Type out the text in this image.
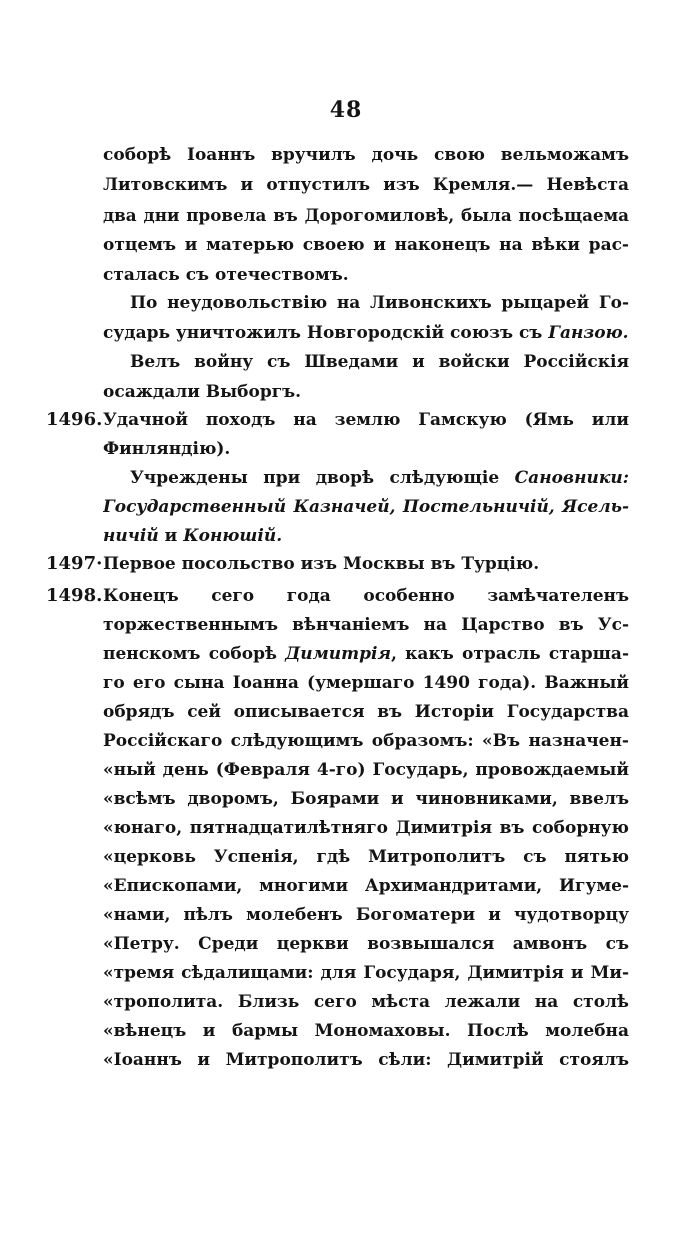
48
соборѣ Іоаннъ вручилъ дочь свою вельможамъ
Литовскимъ и отпустилъ изъ Кремля.— Невѣста
два дни провела въ Дорогомиловѣ, была посѣщаема
отцемъ и матерью своею и наконецъ на вѣки рас-
сталась съ отечествомъ.
По неудовольствію на Ливонскихъ рыцарей Го-
сударь уничтожилъ Новгородскій союзъ съ Ганзою.
Велъ войну съ Шведами и войски Россійскія
осаждали Выборгъ.
1496. Удачной походъ на землю Гамскую (Ямь или
Финляндію).
Учреждены при дворѣ слѣдующіе Сановники:
Государственный Казначей, Постельничій, Ясель-
ничій и Конюшій.
1497· Первое посольство изъ Москвы въ Турцію.
1498. Конецъ сего года особенно замѣчателенъ
торжественнымъ вѣнчаніемъ на Царство въ Ус-
пенскомъ соборѣ Димитрія, какъ отрасль старша-
го его сына Іоанна (умершаго 1490 года). Важный
обрядъ сей описывается въ Исторіи Государства
Россійскаго слѣдующимъ образомъ: «Въ назначен-
«ный день (Февраля 4-го) Государь, провождаемый
«всѣмъ дворомъ, Боярами и чиновниками, ввелъ
«юнаго, пятнадцатилѣтняго Димитрія въ соборную
«церковь Успенія, гдѣ Митрополитъ съ пятью
«Епископами, многими Архимандритами, Игуме-
«нами, пѣлъ молебенъ Богоматери и чудотворцу
«Петру. Среди церкви возвышался амвонъ съ
«тремя сѣдалищами: для Государя, Димитрія и Ми-
«трополита. Близь сего мѣста лежали на столѣ
«вѣнецъ и бармы Мономаховы. Послѣ молебна
«Іоаннъ и Митрополитъ сѣли: Димитрій стоялъ
